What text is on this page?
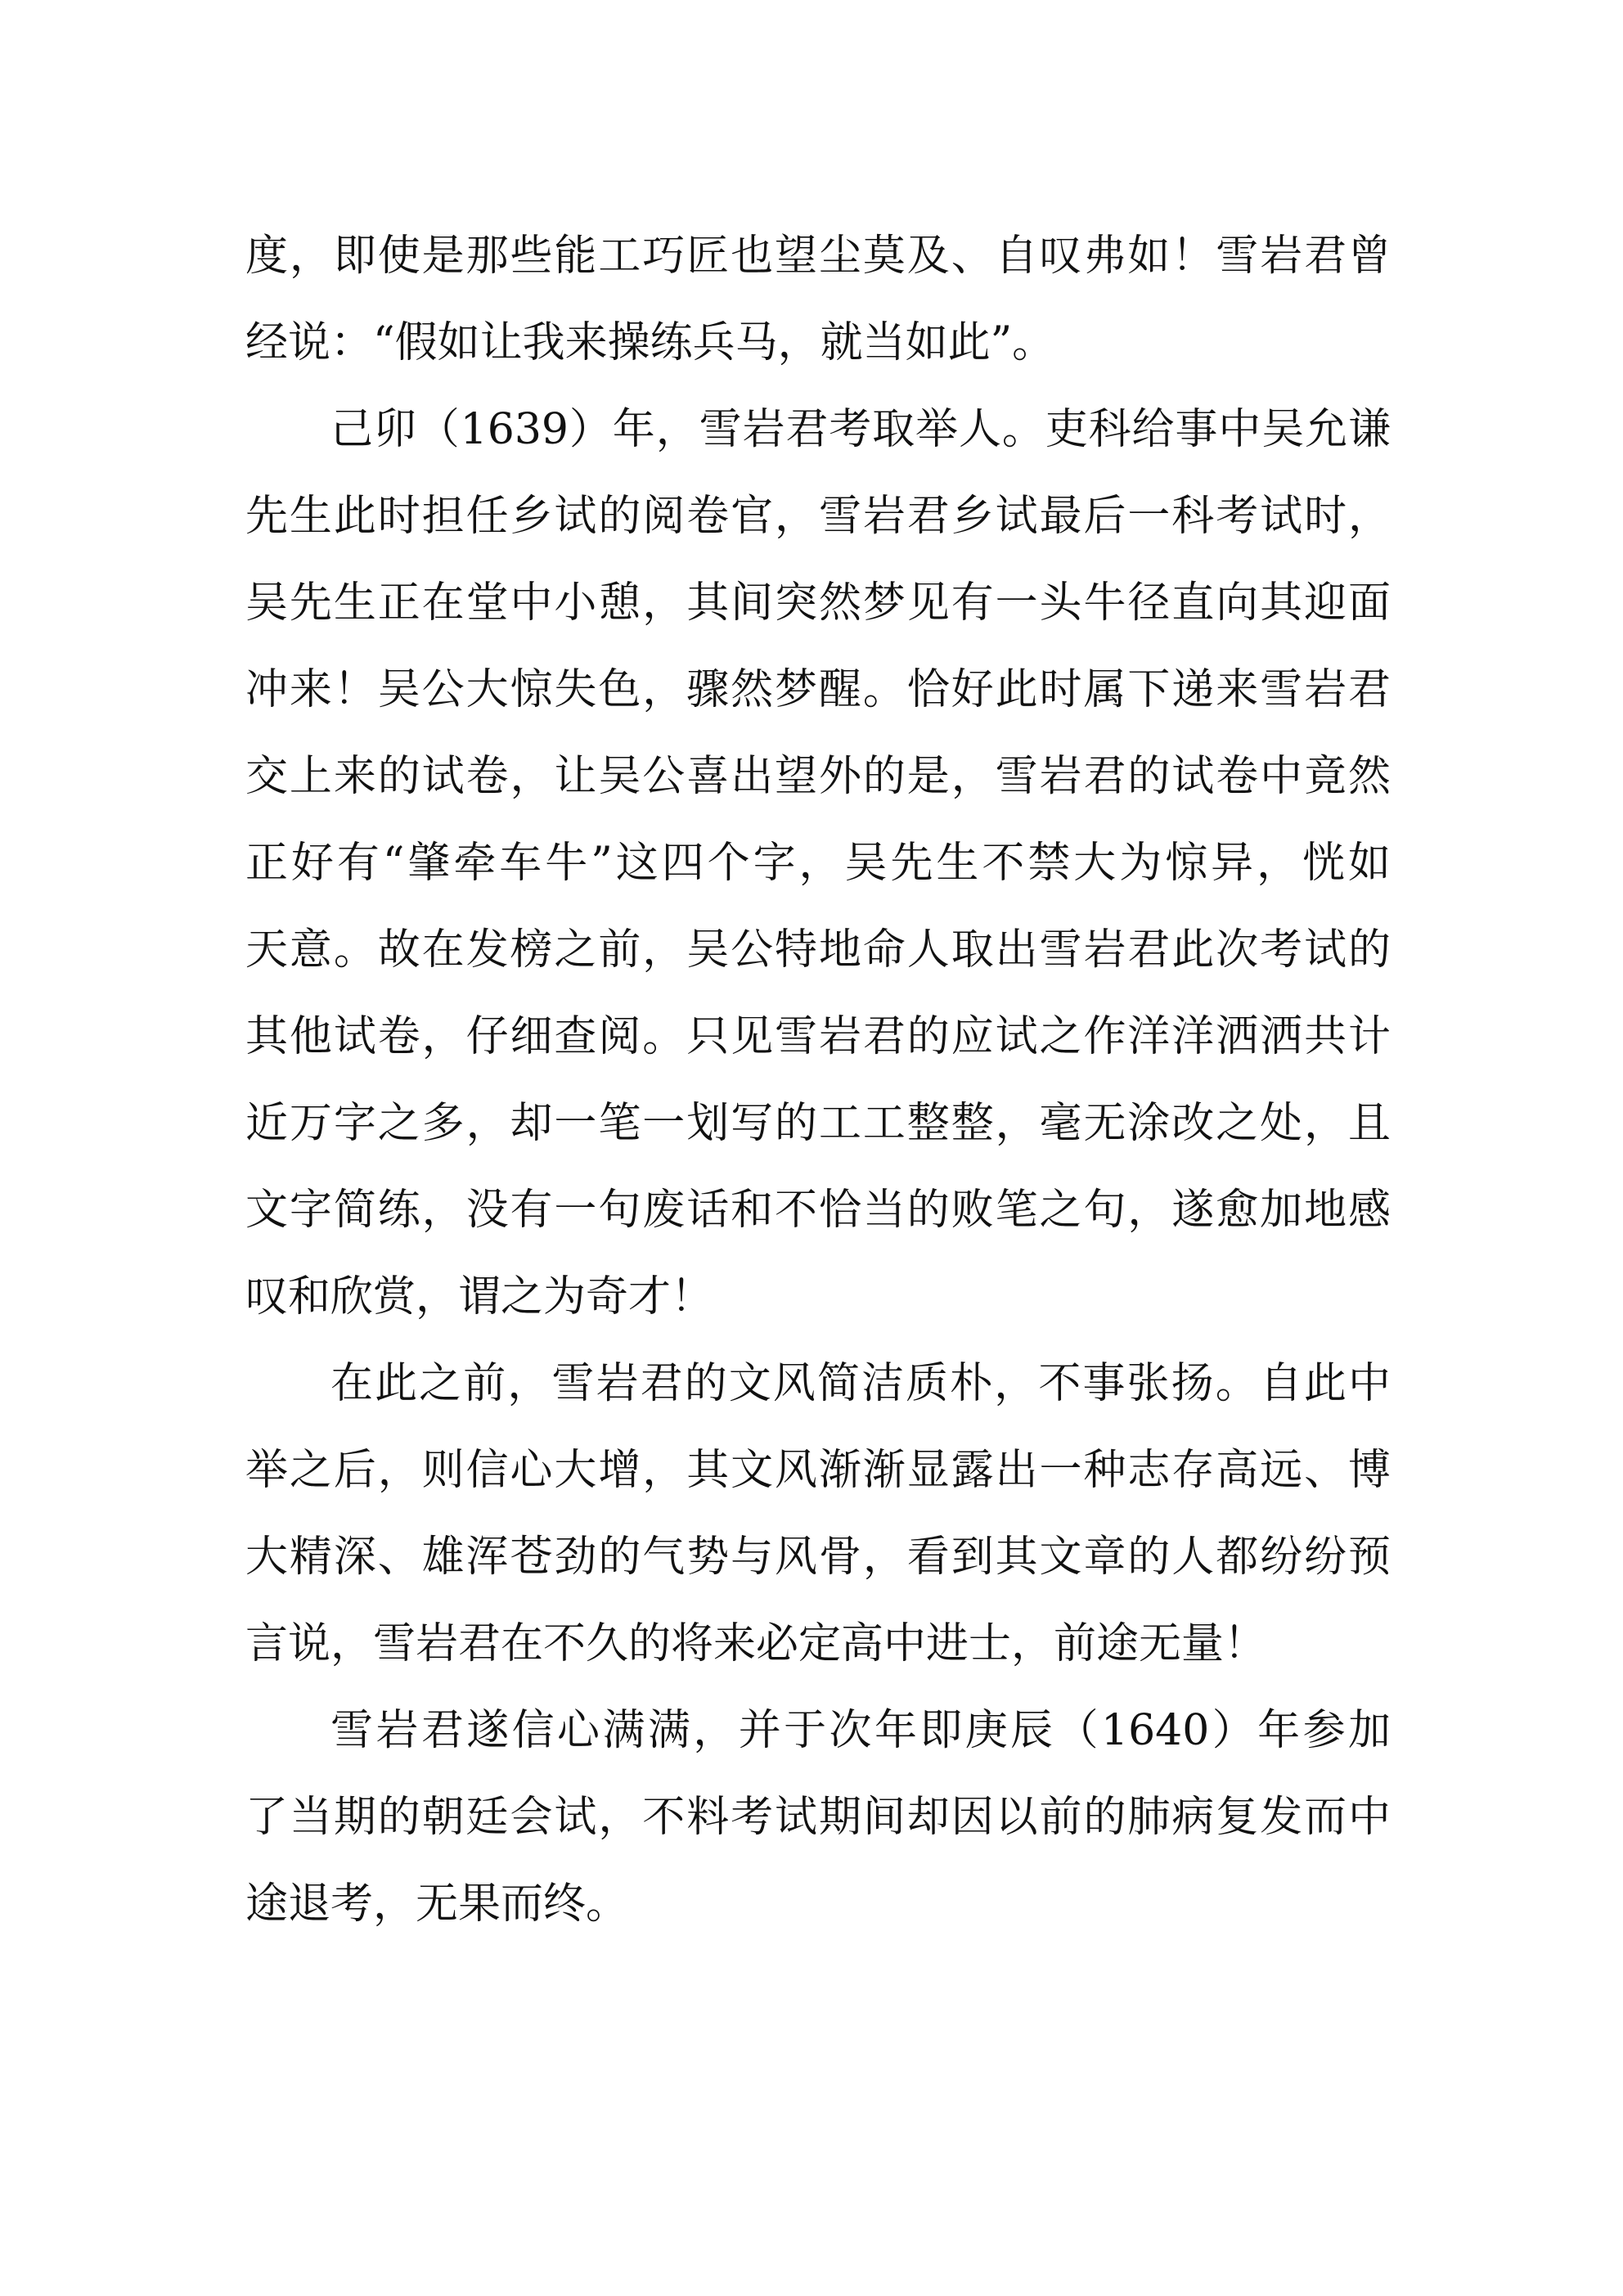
度，即使是那些能工巧匠也望尘莫及、自叹弗如！雪岩君曾
经说：“假如让我来操练兵马，就当如此”。
己卯（1639）年，雪岩君考取举人。吏科给事中吴允谦
先生此时担任乡试的阅卷官，雪岩君乡试最后一科考试时，
吴先生正在堂中小憩，其间突然梦见有一头牛径直向其迎面
冲来！吴公大惊失色，骤然梦醒。恰好此时属下递来雪岩君
交上来的试卷，让吴公喜出望外的是，雪岩君的试卷中竟然
正好有“肇牵车牛”这四个字，吴先生不禁大为惊异，恍如
天意。故在发榜之前，吴公特地命人取出雪岩君此次考试的
其他试卷，仔细查阅。只见雪岩君的应试之作洋洋洒洒共计
近万字之多，却一笔一划写的工工整整，毫无涂改之处，且
文字简练，没有一句废话和不恰当的败笔之句，遂愈加地感
叹和欣赏，谓之为奇才！
在此之前，雪岩君的文风简洁质朴，不事张扬。自此中
举之后，则信心大增，其文风渐渐显露出一种志存高远、博
大精深、雄浑苍劲的气势与风骨，看到其文章的人都纷纷预
言说，雪岩君在不久的将来必定高中进士，前途无量！
雪岩君遂信心满满，并于次年即庚辰（1640）年参加
了当期的朝廷会试，不料考试期间却因以前的肺病复发而中
途退考，无果而终。
